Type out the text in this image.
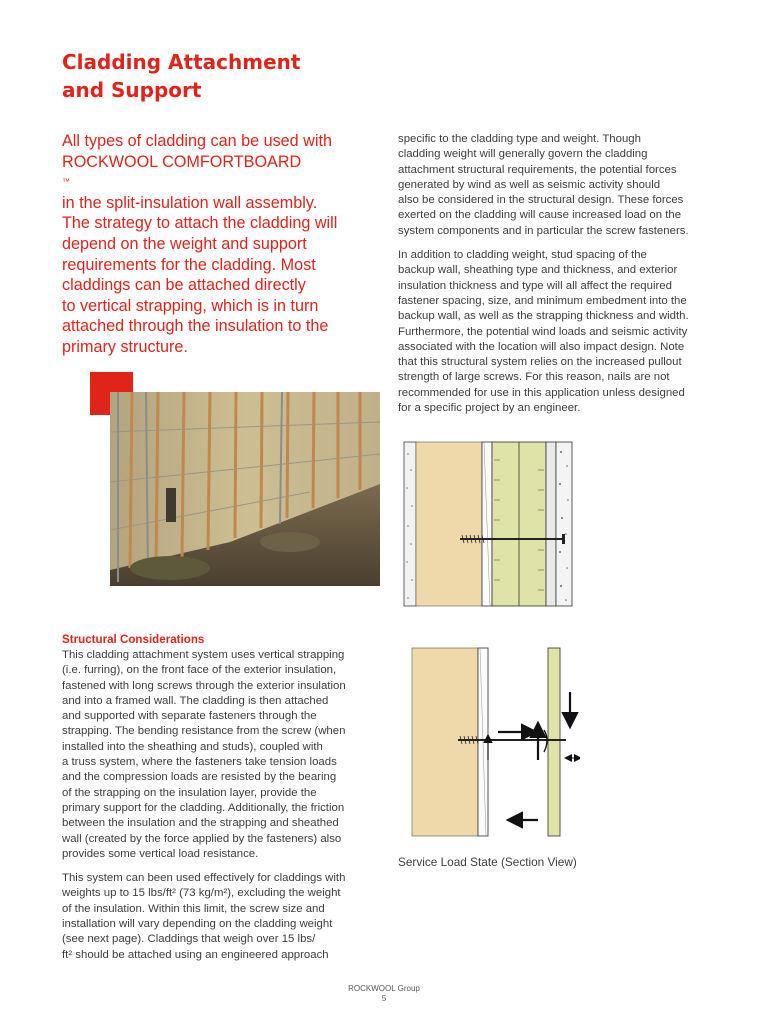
Cladding Attachment
and Support
All types of cladding can be used with
ROCKWOOL COMFORTBOARD
™
in the split-insulation wall assembly.
The strategy to attach the cladding will
depend on the weight and support
requirements for the cladding. Most
claddings can be attached directly
to vertical strapping, which is in turn
attached through the insulation to the
primary structure.
Structural Considerations
This cladding attachment system uses vertical strapping
(i.e. furring), on the front face of the exterior insulation,
fastened with long screws through the exterior insulation
and into a framed wall. The cladding is then attached
and supported with separate fasteners through the
strapping. The bending resistance from the screw (when
installed into the sheathing and studs), coupled with
a truss system, where the fasteners take tension loads
and the compression loads are resisted by the bearing
of the strapping on the insulation layer, provide the
primary support for the cladding. Additionally, the friction
between the insulation and the strapping and sheathed
wall (created by the force applied by the fasteners) also
provides some vertical load resistance.
This system can been used effectively for claddings with
weights up to 15 lbs/ft² (73 kg/m²), excluding the weight
of the insulation. Within this limit, the screw size and
installation will vary depending on the cladding weight
(see next page). Claddings that weigh over 15 lbs/
ft² should be attached using an engineered approach
specific to the cladding type and weight. Though
cladding weight will generally govern the cladding
attachment structural requirements, the potential forces
generated by wind as well as seismic activity should
also be considered in the structural design. These forces
exerted on the cladding will cause increased load on the
system components and in particular the screw fasteners.
In addition to cladding weight, stud spacing of the
backup wall, sheathing type and thickness, and exterior
insulation thickness and type will all affect the required
fastener spacing, size, and minimum embedment into the
backup wall, as well as the strapping thickness and width.
Furthermore, the potential wind loads and seismic activity
associated with the location will also impact design. Note
that this structural system relies on the increased pullout
strength of large screws. For this reason, nails are not
recommended for use in this application unless designed
for a specific project by an engineer.
Service Load State (Section View)
ROCKWOOL Group
5
